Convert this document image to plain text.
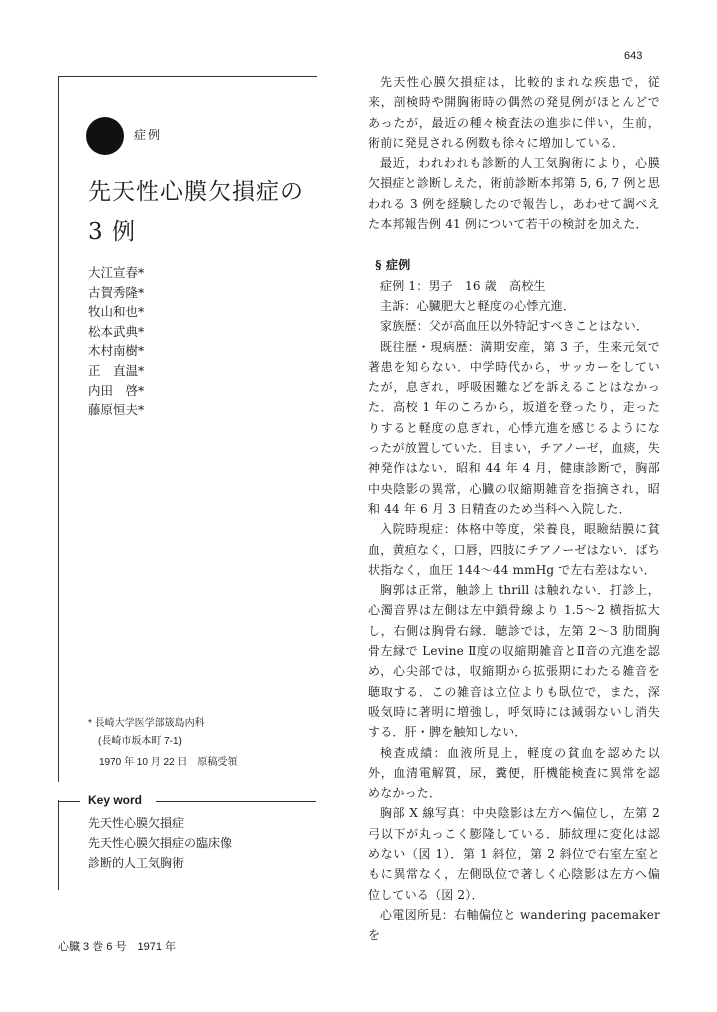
643
症例
先天性心膜欠損症の
3 例
大江宣春*
古賀秀隆*
牧山和也*
松本武典*
木村南樹*
正　直温*
内田　啓*
藤原恒夫*
* 長崎大学医学部筬島内科
(長崎市坂本町 7-1)
1970 年 10 月 22 日　原稿受領
Key word
先天性心膜欠損症
先天性心膜欠損症の臨床像
診断的人工気胸術
心臓 3 巻 6 号　1971 年

先天性心膜欠損症は，比較的まれな疾患で，従来，剖検時や開胸術時の偶然の発見例がほとんどであったが，最近の種々検査法の進歩に伴い，生前，術前に発見される例数も徐々に増加している．

最近，われわれも診断的人工気胸術により，心膜欠損症と診断しえた，術前診断本邦第 5, 6, 7 例と思われる 3 例を経験したので報告し，あわせて調べえた本邦報告例 41 例について若干の検討を加えた．

§ 症例

症例 1：男子　16 歳　高校生

主訴：心臓肥大と軽度の心悸亢進．

家族歴：父が高血圧以外特記すべきことはない．

既往歴・現病歴：満期安産，第 3 子，生来元気で著患を知らない．中学時代から，サッカーをしていたが，息ぎれ，呼吸困難などを訴えることはなかった．高校 1 年のころから，坂道を登ったり，走ったりすると軽度の息ぎれ，心悸亢進を感じるようになったが放置していた．目まい，チアノーゼ，血痰，失神発作はない．昭和 44 年 4 月，健康診断で，胸部中央陰影の異常，心臓の収縮期雑音を指摘され，昭和 44 年 6 月 3 日精査のため当科へ入院した．

入院時現症：体格中等度，栄養良，眼瞼結膜に貧血，黄疸なく，口唇，四肢にチアノーゼはない．ばち状指なく，血圧 144〜44 mmHg で左右差はない．

胸郭は正常，触診上 thrill は触れない．打診上，心濁音界は左側は左中鎖骨線より 1.5〜2 横指拡大し，右側は胸骨右縁．聴診では，左第 2〜3 肋間胸骨左縁で Levine Ⅱ度の収縮期雑音とⅡ音の亢進を認め，心尖部では，収縮期から拡張期にわたる雑音を聴取する．この雑音は立位よりも臥位で，また，深吸気時に著明に増強し，呼気時には減弱ないし消失する．肝・脾を触知しない．

検査成績：血液所見上，軽度の貧血を認めた以外，血清電解質，尿，糞便，肝機能検査に異常を認めなかった．

胸部 X 線写真：中央陰影は左方へ偏位し，左第 2 弓以下が丸っこく膨隆している．肺紋理に変化は認めない（図 1）．第 1 斜位，第 2 斜位で右室左室ともに異常なく，左側臥位で著しく心陰影は左方へ偏位している（図 2）．

心電図所見：右軸偏位と wandering pacemaker を
